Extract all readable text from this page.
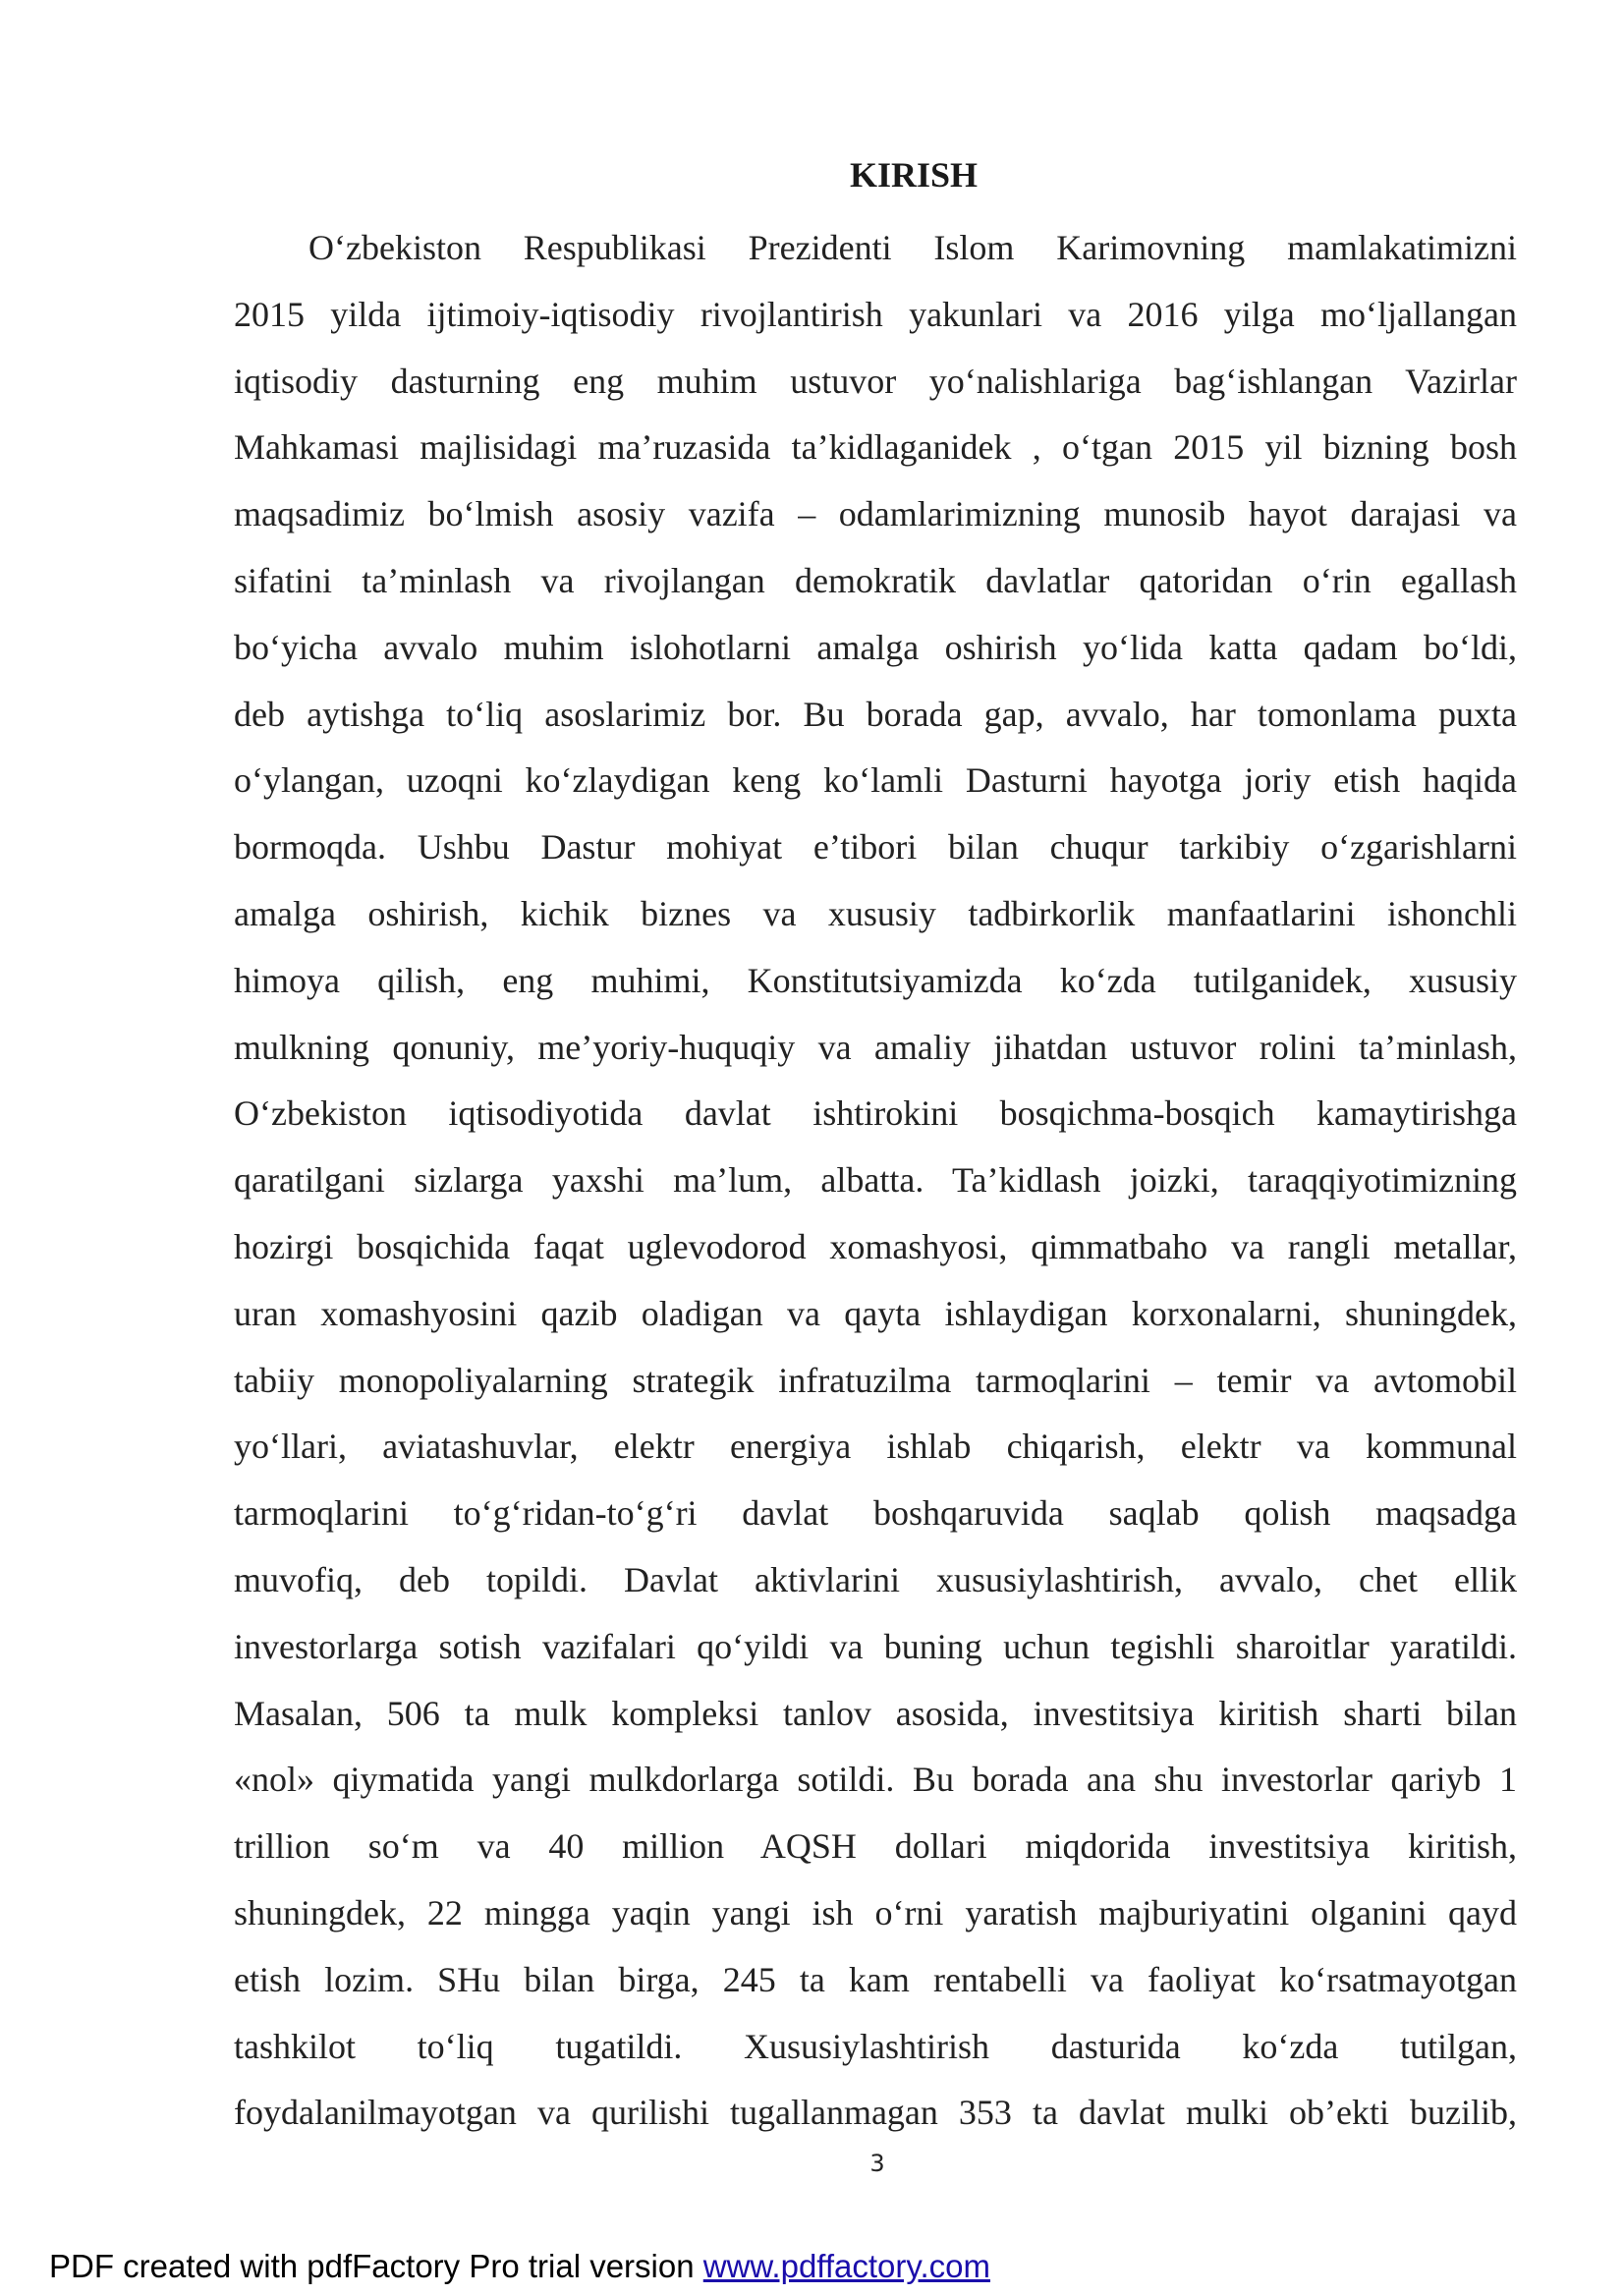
KIRISH
O‘zbekiston Respublikasi Prezidenti Islom Karimovning mamlakatimizni
2015 yilda ijtimoiy-iqtisodiy rivojlantirish yakunlari va 2016 yilga mo‘ljallangan
iqtisodiy dasturning eng muhim ustuvor yo‘nalishlariga bag‘ishlangan Vazirlar
Mahkamasi majlisidagi ma’ruzasida ta’kidlaganidek , o‘tgan 2015 yil bizning bosh
maqsadimiz bo‘lmish asosiy vazifa – odamlarimizning munosib hayot darajasi va
sifatini ta’minlash va rivojlangan demokratik davlatlar qatoridan o‘rin egallash
bo‘yicha avvalo muhim islohotlarni amalga oshirish yo‘lida katta qadam bo‘ldi,
deb aytishga to‘liq asoslarimiz bor. Bu borada gap, avvalo, har tomonlama puxta
o‘ylangan, uzoqni ko‘zlaydigan keng ko‘lamli Dasturni hayotga joriy etish haqida
bormoqda. Ushbu Dastur mohiyat e’tibori bilan chuqur tarkibiy o‘zgarishlarni
amalga oshirish, kichik biznes va xususiy tadbirkorlik manfaatlarini ishonchli
himoya qilish, eng muhimi, Konstitutsiyamizda ko‘zda tutilganidek, xususiy
mulkning qonuniy, me’yoriy-huquqiy va amaliy jihatdan ustuvor rolini ta’minlash,
O‘zbekiston iqtisodiyotida davlat ishtirokini bosqichma-bosqich kamaytirishga
qaratilgani sizlarga yaxshi ma’lum, albatta. Ta’kidlash joizki, taraqqiyotimizning
hozirgi bosqichida faqat uglevodorod xomashyosi, qimmatbaho va rangli metallar,
uran xomashyosini qazib oladigan va qayta ishlaydigan korxonalarni, shuningdek,
tabiiy monopoliyalarning strategik infratuzilma tarmoqlarini – temir va avtomobil
yo‘llari, aviatashuvlar, elektr energiya ishlab chiqarish, elektr va kommunal
tarmoqlarini to‘g‘ridan-to‘g‘ri davlat boshqaruvida saqlab qolish maqsadga
muvofiq, deb topildi. Davlat aktivlarini xususiylashtirish, avvalo, chet ellik
investorlarga sotish vazifalari qo‘yildi va buning uchun tegishli sharoitlar yaratildi.
Masalan, 506 ta mulk kompleksi tanlov asosida, investitsiya kiritish sharti bilan
«nol» qiymatida yangi mulkdorlarga sotildi. Bu borada ana shu investorlar qariyb 1
trillion so‘m va 40 million AQSH dollari miqdorida investitsiya kiritish,
shuningdek, 22 mingga yaqin yangi ish o‘rni yaratish majburiyatini olganini qayd
etish lozim. SHu bilan birga, 245 ta kam rentabelli va faoliyat ko‘rsatmayotgan
tashkilot to‘liq tugatildi. Xususiylashtirish dasturida ko‘zda tutilgan,
foydalanilmayotgan va qurilishi tugallanmagan 353 ta davlat mulki ob’ekti buzilib,
3
PDF created with pdfFactory Pro trial version www.pdffactory.com
